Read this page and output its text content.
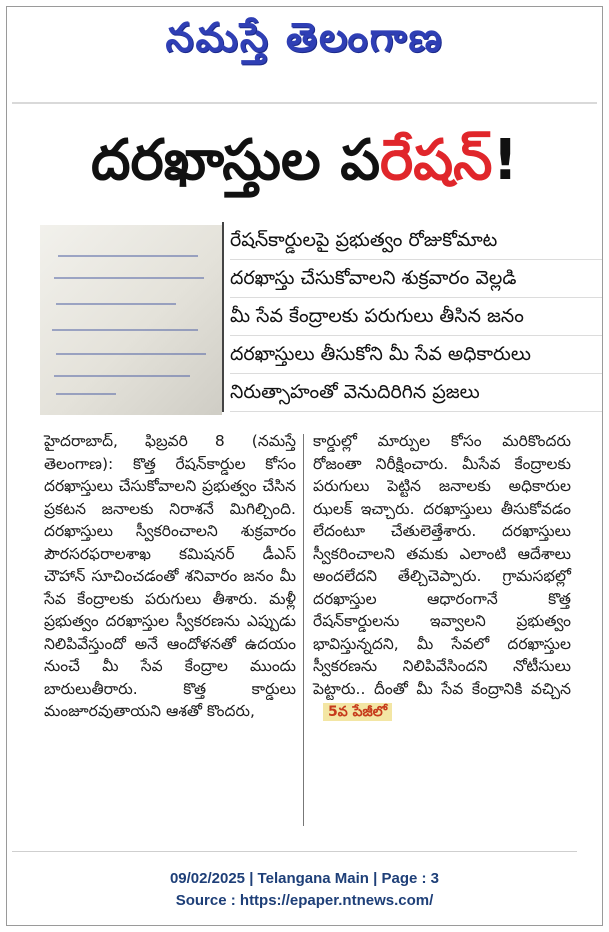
నమస్తే తెలంగాణ
దరఖాస్తుల పరేషన్!
రేషన్‌కార్డులపై ప్రభుత్వం రోజుకోమాట
దరఖాస్తు చేసుకోవాలని శుక్రవారం వెల్లడి
మీ సేవ కేంద్రాలకు పరుగులు తీసిన జనం
దరఖాస్తులు తీసుకోని మీ సేవ అధికారులు
నిరుత్సాహంతో వెనుదిరిగిన ప్రజలు
హైదరాబాద్, ఫిబ్రవరి 8 (నమస్తే తెలంగాణ): కొత్త రేషన్‌కార్డుల కోసం దరఖాస్తులు చేసుకోవాలని ప్రభుత్వం చేసిన ప్రకటన జనాలకు నిరాశనే మిగిల్చింది. దరఖాస్తులు స్వీకరించాలని శుక్రవారం పౌరసరఫరాలశాఖ కమిషనర్ డీఎస్ చౌహాన్ సూచించడంతో శనివారం జనం మీ సేవ కేంద్రాలకు పరుగులు తీశారు. మళ్లీ ప్రభుత్వం దరఖాస్తుల స్వీకరణను ఎప్పుడు నిలిపివేస్తుందో అనే ఆందోళనతో ఉదయం నుంచే మీ సేవ కేంద్రాల ముందు బారులుతీరారు. కొత్త కార్డులు మంజూరవుతాయని ఆశతో కొందరు,
కార్డుల్లో మార్పుల కోసం మరికొందరు రోజంతా నిరీక్షించారు. మీసేవ కేంద్రాలకు పరుగులు పెట్టిన జనాలకు అధికారుల ఝలక్ ఇచ్చారు. దరఖాస్తులు తీసుకోవడం లేదంటూ చేతులెత్తేశారు. దరఖాస్తులు స్వీకరించాలని తమకు ఎలాంటి ఆదేశాలు అందలేదని తేల్చిచెప్పారు. గ్రామసభల్లో దరఖాస్తుల ఆధారంగానే కొత్త రేషన్‌కార్డులను ఇవ్వాలని ప్రభుత్వం భావిస్తున్నదని, మీ సేవలో దరఖాస్తుల స్వీకరణను నిలిపివేసిందని నోటీసులు పెట్టారు.. దీంతో మీ సేవ కేంద్రానికి వచ్చిన5వ పేజీలో
09/02/2025 | Telangana Main | Page : 3
Source : https://epaper.ntnews.com/
